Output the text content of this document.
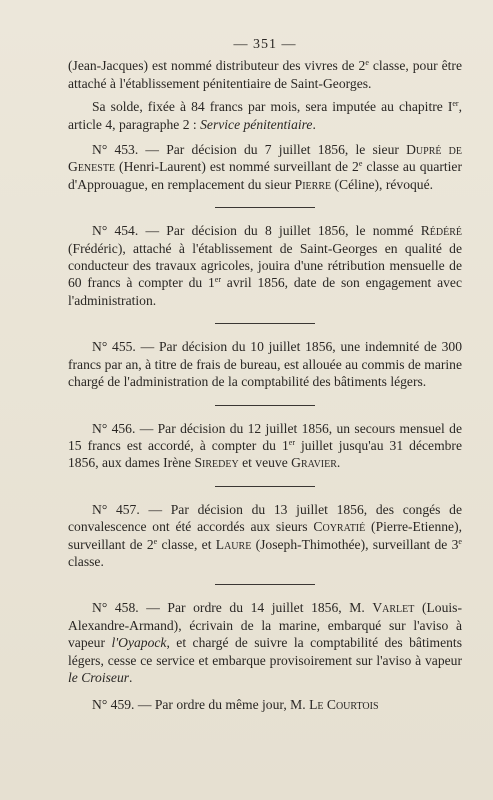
— 351 —

(Jean-Jacques) est nommé distributeur des vivres de 2e classe, pour être attaché à l'établissement pénitentiaire de Saint-Georges.

Sa solde, fixée à 84 francs par mois, sera imputée au chapitre Ier, article 4, paragraphe 2 : Service pénitentiaire.

N° 453. — Par décision du 7 juillet 1856, le sieur Dupré de Geneste (Henri-Laurent) est nommé surveillant de 2e classe au quartier d'Approuague, en remplacement du sieur Pierre (Céline), révoqué.

N° 454. — Par décision du 8 juillet 1856, le nommé Rédéré (Frédéric), attaché à l'établissement de Saint-Georges en qualité de conducteur des travaux agricoles, jouira d'une rétribution mensuelle de 60 francs à compter du 1er avril 1856, date de son engagement avec l'administration.

N° 455. — Par décision du 10 juillet 1856, une indemnité de 300 francs par an, à titre de frais de bureau, est allouée au commis de marine chargé de l'administration de la comptabilité des bâtiments légers.

N° 456. — Par décision du 12 juillet 1856, un secours mensuel de 15 francs est accordé, à compter du 1er juillet jusqu'au 31 décembre 1856, aux dames Irène Siredey et veuve Gravier.

N° 457. — Par décision du 13 juillet 1856, des congés de convalescence ont été accordés aux sieurs Coyratié (Pierre-Etienne), surveillant de 2e classe, et Laure (Joseph-Thimothée), surveillant de 3e classe.

N° 458. — Par ordre du 14 juillet 1856, M. Varlet (Louis-Alexandre-Armand), écrivain de la marine, embarqué sur l'aviso à vapeur l'Oyapock, et chargé de suivre la comptabilité des bâtiments légers, cesse ce service et embarque provisoirement sur l'aviso à vapeur le Croiseur.

N° 459. — Par ordre du même jour, M. Le Courtois
